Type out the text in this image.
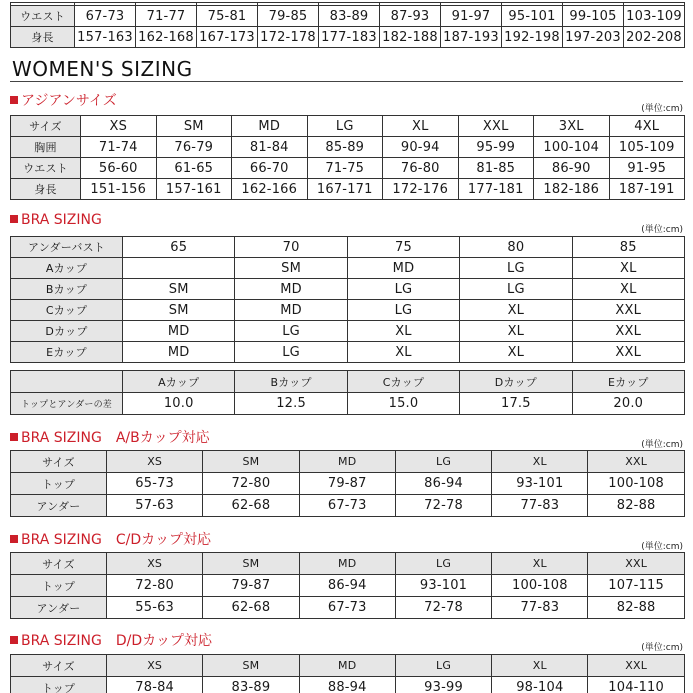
ウエスト	67-73	71-77	75-81	79-85	83-89	87-93	91-97	95-101	99-105	103-109
身長	157-163	162-168	167-173	172-178	177-183	182-188	187-193	192-198	197-203	202-208
WOMEN'S SIZING
アジアンサイズ	(単位:cm)
サイズ	XS	SM	MD	LG	XL	XXL	3XL	4XL
胸囲	71-74	76-79	81-84	85-89	90-94	95-99	100-104	105-109
ウエスト	56-60	61-65	66-70	71-75	76-80	81-85	86-90	91-95
身長	151-156	157-161	162-166	167-171	172-176	177-181	182-186	187-191
BRA SIZING
(単位:cm)
アンダーバスト	65	70	75	80	85
Aカップ		SM	MD	LG	XL
Bカップ	SM	MD	LG	LG	XL
Cカップ	SM	MD	LG	XL	XXL
Dカップ	MD	LG	XL	XL	XXL
Eカップ	MD	LG	XL	XL	XXL
	Aカップ	Bカップ	Cカップ	Dカップ	Eカップ
トップとアンダーの差	10.0	12.5	15.0	17.5	20.0
BRA SIZING　A/Bカップ対応	(単位:cm)
サイズ	XS	SM	MD	LG	XL	XXL
トップ	65-73	72-80	79-87	86-94	93-101	100-108
アンダー	57-63	62-68	67-73	72-78	77-83	82-88
BRA SIZING　C/Dカップ対応	(単位:cm)
サイズ	XS	SM	MD	LG	XL	XXL
トップ	72-80	79-87	86-94	93-101	100-108	107-115
アンダー	55-63	62-68	67-73	72-78	77-83	82-88
BRA SIZING　D/Dカップ対応	(単位:cm)
サイズ	XS	SM	MD	LG	XL	XXL
トップ	78-84	83-89	88-94	93-99	98-104	104-110
